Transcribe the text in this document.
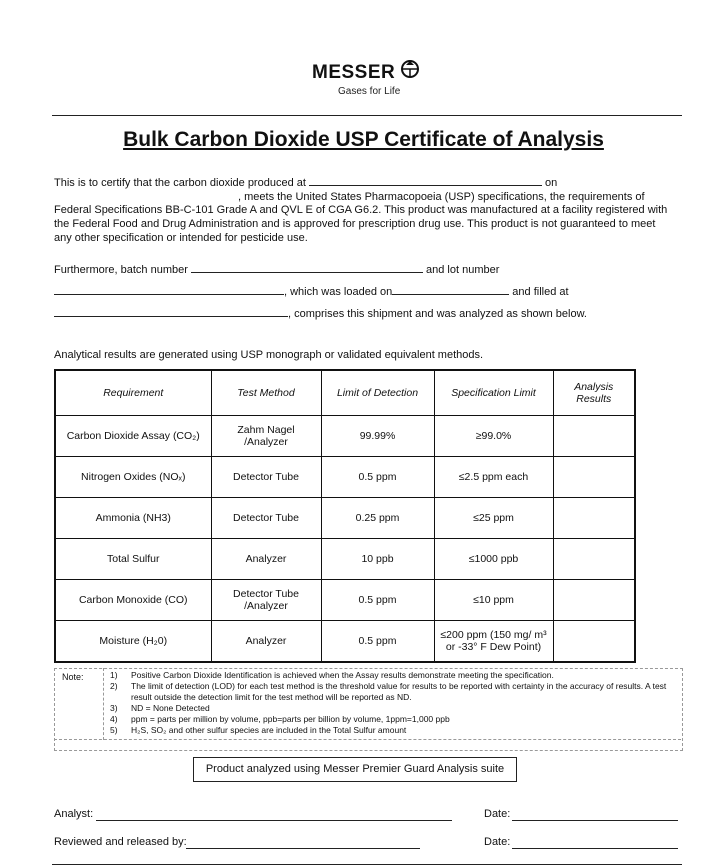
MESSER
Gases for Life
Bulk Carbon Dioxide USP Certificate of Analysis
This is to certify that the carbon dioxide produced at	on
, meets the United States Pharmacopoeia (USP) specifications, the requirements of
Federal Specifications BB-C-101 Grade A and QVL E of CGA G6.2. This product was manufactured at a facility registered with
the Federal Food and Drug Administration and is approved for prescription drug use. This product is not guaranteed to meet
any other specification or intended for pesticide use.
Furthermore, batch number	and lot number
, which was loaded on	and filled at
, comprises this shipment and was analyzed as shown below.
Analytical results are generated using USP monograph or validated equivalent methods.
Requirement	Test Method	Limit of Detection	Specification Limit	Analysis Results
Carbon Dioxide Assay (CO₂)	Zahm Nagel /Analyzer	99.99%	≥99.0%	
Nitrogen Oxides (NOₓ)	Detector Tube	0.5 ppm	≤2.5 ppm each	
Ammonia (NH3)	Detector Tube	0.25 ppm	≤25 ppm	
Total Sulfur	Analyzer	10 ppb	≤1000 ppb	
Carbon Monoxide (CO)	Detector Tube /Analyzer	0.5 ppm	≤10 ppm	
Moisture (H₂0)	Analyzer	0.5 ppm	≤200 ppm (150 mg/ m³ or -33° F Dew Point)	
Note:	1)	Positive Carbon Dioxide Identification is achieved when the Assay results demonstrate meeting the specification.
2)	The limit of detection (LOD) for each test method is the threshold value for results to be reported with certainty in the accuracy of results. A test result outside the detection limit for the test method will be reported as ND.
3)	ND = None Detected
4)	ppm = parts per million by volume, ppb=parts per billion by volume, 1ppm=1,000 ppb
5)	H₂S, SO₂ and other sulfur species are included in the Total Sulfur amount
Product analyzed using Messer Premier Guard Analysis suite
Analyst:	Date:
Reviewed and released by:	Date:
